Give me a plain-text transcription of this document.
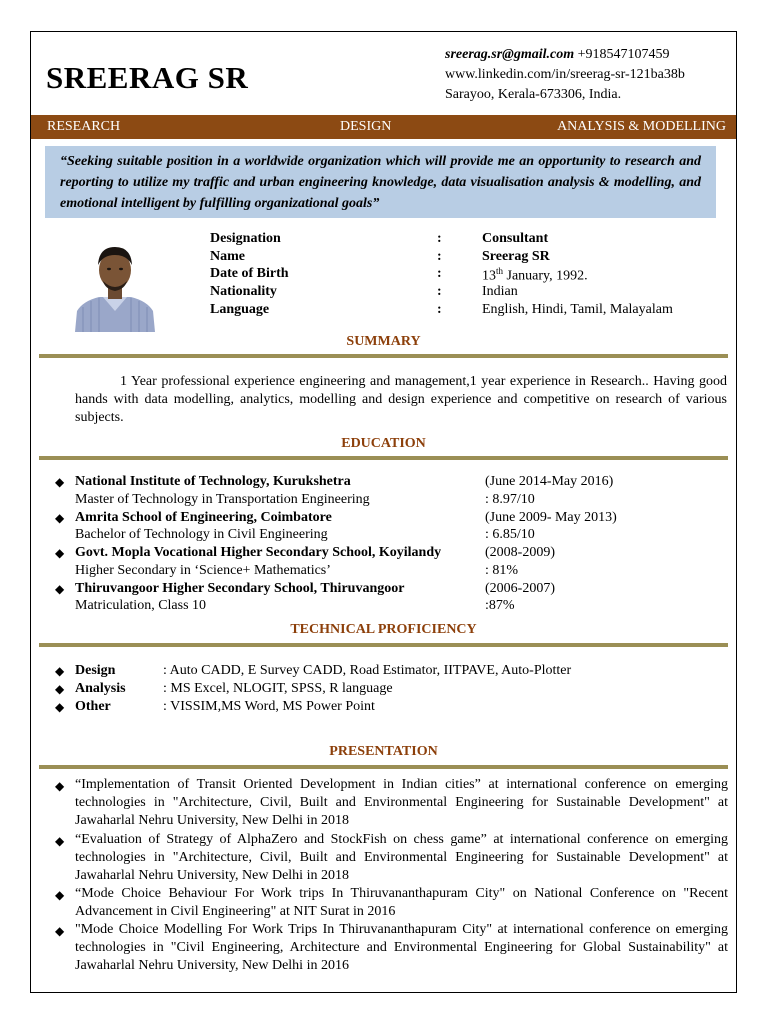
SREERAG SR
sreerag.sr@gmail.com +918547107459
www.linkedin.com/in/sreerag-sr-121ba38b
Sarayoo, Kerala-673306, India.
RESEARCH	DESIGN	ANALYSIS & MODELLING
“Seeking suitable position in a worldwide organization which will provide me an opportunity to research and reporting to utilize my traffic and urban engineering knowledge, data visualisation analysis & modelling, and emotional intelligent by fulfilling organizational goals”
Designation	:	Consultant
Name	:	Sreerag SR
Date of Birth	:	13th January, 1992.
Nationality	:	Indian
Language	:	English, Hindi, Tamil, Malayalam
SUMMARY
1 Year professional experience engineering and management,1 year experience in Research.. Having good hands with data modelling, analytics, modelling and design experience and competitive on research of various subjects.
EDUCATION
◆ National Institute of Technology, Kurukshetra	(June 2014-May 2016)
Master of Technology in Transportation Engineering	: 8.97/10
◆ Amrita School of Engineering, Coimbatore	(June 2009- May 2013)
Bachelor of Technology in Civil Engineering	: 6.85/10
◆ Govt. Mopla Vocational Higher Secondary School, Koyilandy	(2008-2009)
Higher Secondary in ‘Science+ Mathematics’	: 81%
◆ Thiruvangoor Higher Secondary School, Thiruvangoor	(2006-2007)
Matriculation, Class 10	:87%
TECHNICAL PROFICIENCY
◆ Design	: Auto CADD, E Survey CADD, Road Estimator, IITPAVE, Auto-Plotter
◆ Analysis	: MS Excel, NLOGIT, SPSS, R language
◆ Other	: VISSIM,MS Word, MS Power Point
PRESENTATION
◆ “Implementation of Transit Oriented Development in Indian cities” at international conference on emerging technologies in "Architecture, Civil, Built and Environmental Engineering for Sustainable Development" at Jawaharlal Nehru University, New Delhi in 2018
◆ “Evaluation of Strategy of AlphaZero and StockFish on chess game” at international conference on emerging technologies in "Architecture, Civil, Built and Environmental Engineering for Sustainable Development" at Jawaharlal Nehru University, New Delhi in 2018
◆ “Mode Choice Behaviour For Work trips In Thiruvananthapuram City" on National Conference on "Recent Advancement in Civil Engineering" at NIT Surat in 2016
◆ "Mode Choice Modelling For Work Trips In Thiruvananthapuram City" at international conference on emerging technologies in "Civil Engineering, Architecture and Environmental Engineering for Global Sustainability" at Jawaharlal Nehru University, New Delhi in 2016
